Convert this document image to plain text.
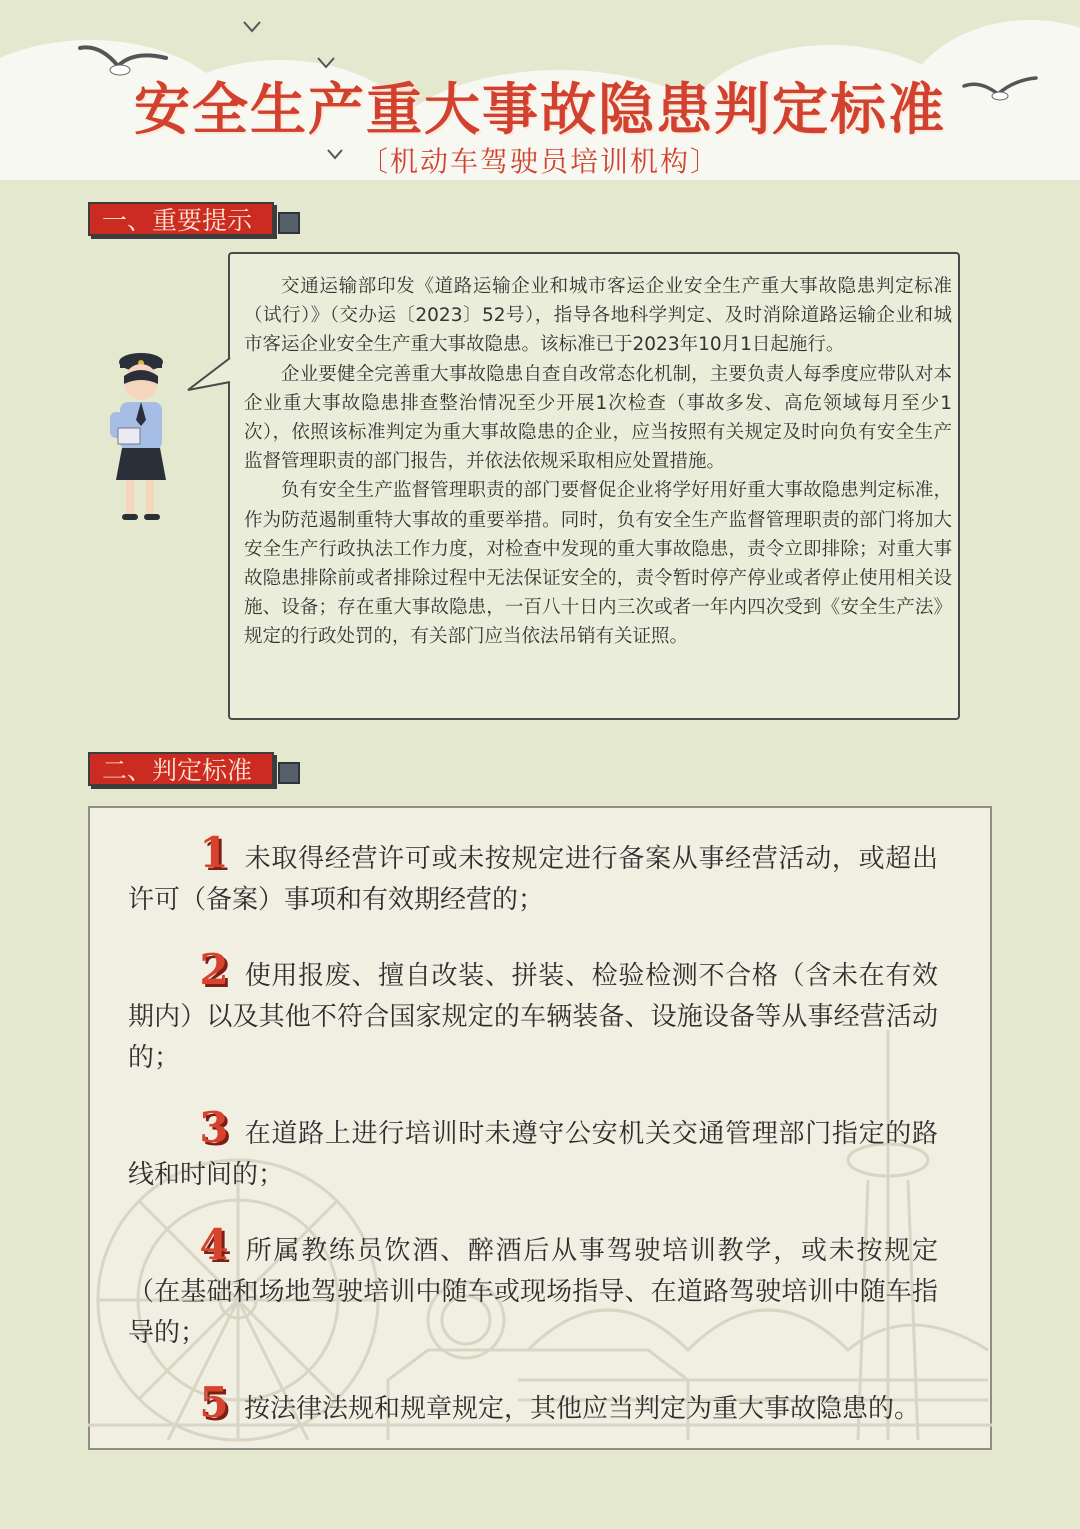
安全生产重大事故隐患判定标准
〔机动车驾驶员培训机构〕
一、重要提示

交通运输部印发《道路运输企业和城市客运企业安全生产重大事故隐患判定标准（试行）》（交办运〔2023〕52号），指导各地科学判定、及时消除道路运输企业和城市客运企业安全生产重大事故隐患。该标准已于2023年10月1日起施行。

企业要健全完善重大事故隐患自查自改常态化机制，主要负责人每季度应带队对本企业重大事故隐患排查整治情况至少开展1次检查（事故多发、高危领域每月至少1次），依照该标准判定为重大事故隐患的企业，应当按照有关规定及时向负有安全生产监督管理职责的部门报告，并依法依规采取相应处置措施。

负有安全生产监督管理职责的部门要督促企业将学好用好重大事故隐患判定标准，作为防范遏制重特大事故的重要举措。同时，负有安全生产监督管理职责的部门将加大安全生产行政执法工作力度，对检查中发现的重大事故隐患，责令立即排除；对重大事故隐患排除前或者排除过程中无法保证安全的，责令暂时停产停业或者停止使用相关设施、设备；存在重大事故隐患，一百八十日内三次或者一年内四次受到《安全生产法》规定的行政处罚的，有关部门应当依法吊销有关证照。

二、判定标准

1 未取得经营许可或未按规定进行备案从事经营活动，或超出许可（备案）事项和有效期经营的；

2 使用报废、擅自改装、拼装、检验检测不合格（含未在有效期内）以及其他不符合国家规定的车辆装备、设施设备等从事经营活动的；

3 在道路上进行培训时未遵守公安机关交通管理部门指定的路线和时间的；

4 所属教练员饮酒、醉酒后从事驾驶培训教学，或未按规定（在基础和场地驾驶培训中随车或现场指导、在道路驾驶培训中随车指导的；

5 按法律法规和规章规定，其他应当判定为重大事故隐患的。
